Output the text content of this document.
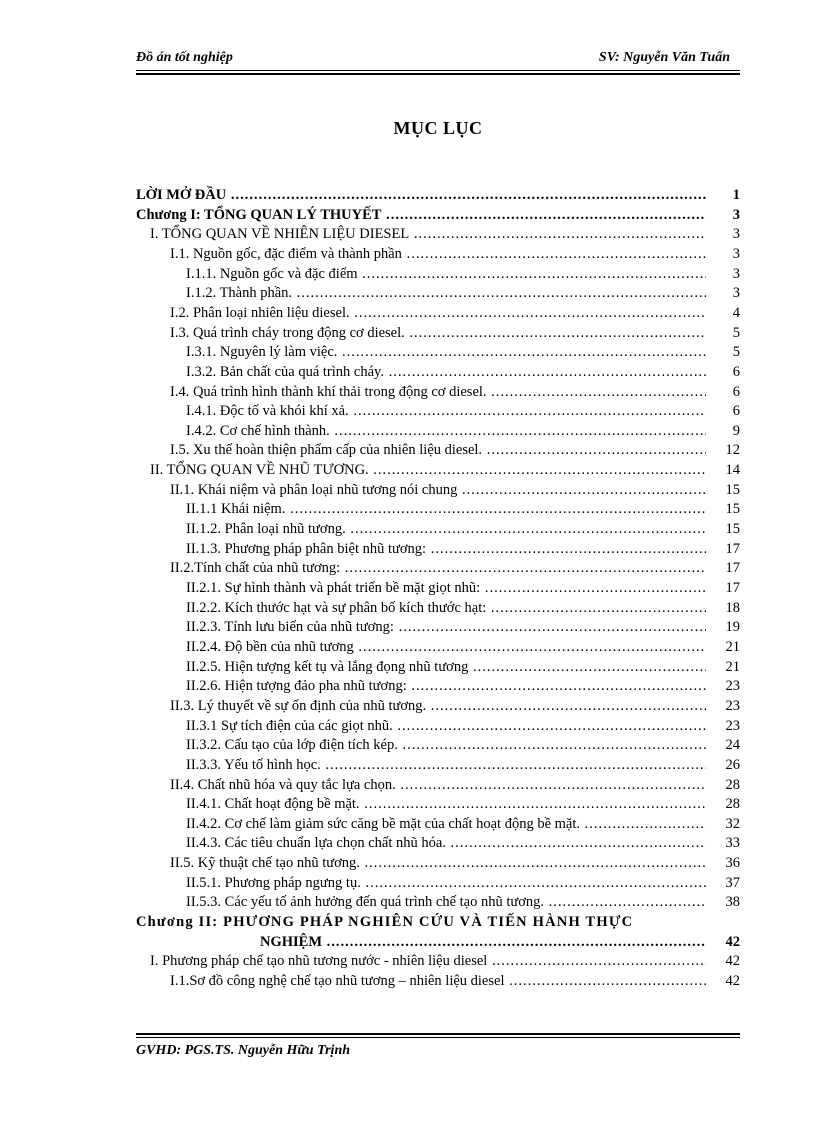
Đồ án tốt nghiệp	SV: Nguyễn Văn Tuấn
MỤC LỤC
LỜI MỞ ĐẦU .....	1
Chương I: TỔNG QUAN LÝ THUYẾT .....	3
I. TỔNG QUAN VỀ NHIÊN LIỆU DIESEL .....	3
I.1. Nguồn gốc, đặc điểm và thành phần .....	3
I.1.1. Nguồn gốc và đặc điểm .....	3
I.1.2. Thành phần. .....	3
I.2. Phân loại nhiên liệu diesel. .....	4
I.3. Quá trình cháy trong động cơ diesel. .....	5
I.3.1. Nguyên lý làm việc. .....	5
I.3.2. Bản chất của quá trình cháy. .....	6
I.4. Quá trình hình thành khí thải trong động cơ diesel. .....	6
I.4.1. Độc tố và khói khí xả. .....	6
I.4.2. Cơ chế hình thành. .....	9
I.5. Xu thế hoàn thiện phẩm cấp của nhiên liệu diesel. .....	12
II. TỔNG QUAN VỀ NHŨ TƯƠNG. .....	14
II.1. Khái niệm và phân loại nhũ tương nói chung .....	15
II.1.1 Khái niệm. .....	15
II.1.2. Phân loại nhũ tương. .....	15
II.1.3. Phương pháp phân biệt nhũ tương: .....	17
II.2.Tính chất của nhũ tương: .....	17
II.2.1. Sự hình thành và phát triển bề mặt giọt nhũ: .....	17
II.2.2. Kích thước hạt và sự phân bố kích thước hạt: .....	18
II.2.3. Tính lưu biến của nhũ tương: .....	19
II.2.4. Độ bền của nhũ tương .....	21
II.2.5. Hiện tượng kết tụ và lắng đọng nhũ tương .....	21
II.2.6. Hiện tượng đảo pha nhũ tương: .....	23
II.3. Lý thuyết về sự ổn định của nhũ tương. .....	23
II.3.1 Sự tích điện của các giọt nhũ. .....	23
II.3.2. Cấu tạo của lớp điện tích kép. .....	24
II.3.3. Yếu tố hình học. .....	26
II.4. Chất nhũ hóa và quy tắc lựa chọn. .....	28
II.4.1. Chất hoạt động bề mặt. .....	28
II.4.2. Cơ chế làm giảm sức căng bề mặt của chất hoạt động bề mặt. .....	32
II.4.3. Các tiêu chuẩn lựa chọn chất nhũ hóa. .....	33
II.5. Kỹ thuật chế tạo nhũ tương. .....	36
II.5.1. Phương pháp ngưng tụ. .....	37
II.5.3. Các yếu tố ảnh hưởng đến quá trình chế tạo nhũ tương. .....	38
Chương II: PHƯƠNG PHÁP NGHIÊN CỨU VÀ TIẾN HÀNH THỰC
NGHIỆM .....	42
I. Phương pháp chế tạo nhũ tương nước - nhiên liệu diesel .....	42
I.1.Sơ đồ công nghệ chế tạo nhũ tương – nhiên liệu diesel .....	42
GVHD: PGS.TS. Nguyễn Hữu Trịnh
